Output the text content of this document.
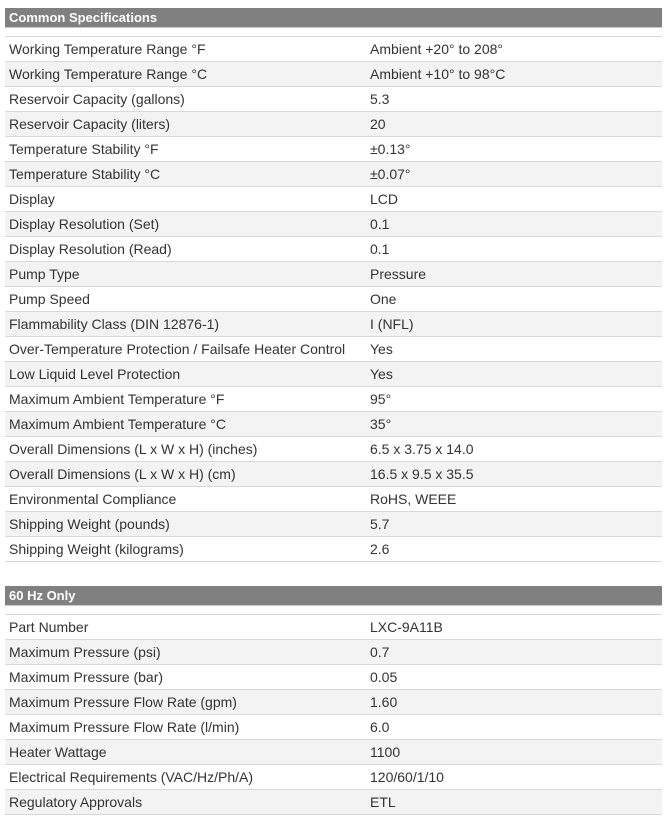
Common Specifications	

Working Temperature Range °F	Ambient +20° to 208°
Working Temperature Range °C	Ambient +10° to 98°C
Reservoir Capacity (gallons)	5.3
Reservoir Capacity (liters)	20
Temperature Stability °F	±0.13°
Temperature Stability °C	±0.07°
Display	LCD
Display Resolution (Set)	0.1
Display Resolution (Read)	0.1
Pump Type	Pressure
Pump Speed	One
Flammability Class (DIN 12876-1)	I (NFL)
Over-Temperature Protection / Failsafe Heater Control	Yes
Low Liquid Level Protection	Yes
Maximum Ambient Temperature °F	95°
Maximum Ambient Temperature °C	35°
Overall Dimensions (L x W x H) (inches)	6.5 x 3.75 x 14.0
Overall Dimensions (L x W x H) (cm)	16.5 x 9.5 x 35.5
Environmental Compliance	RoHS, WEEE
Shipping Weight (pounds)	5.7
Shipping Weight (kilograms)	2.6
60 Hz Only	

Part Number	LXC-9A11B
Maximum Pressure (psi)	0.7
Maximum Pressure (bar)	0.05
Maximum Pressure Flow Rate (gpm)	1.60
Maximum Pressure Flow Rate (l/min)	6.0
Heater Wattage	1100
Electrical Requirements (VAC/Hz/Ph/A)	120/60/1/10
Regulatory Approvals	ETL
